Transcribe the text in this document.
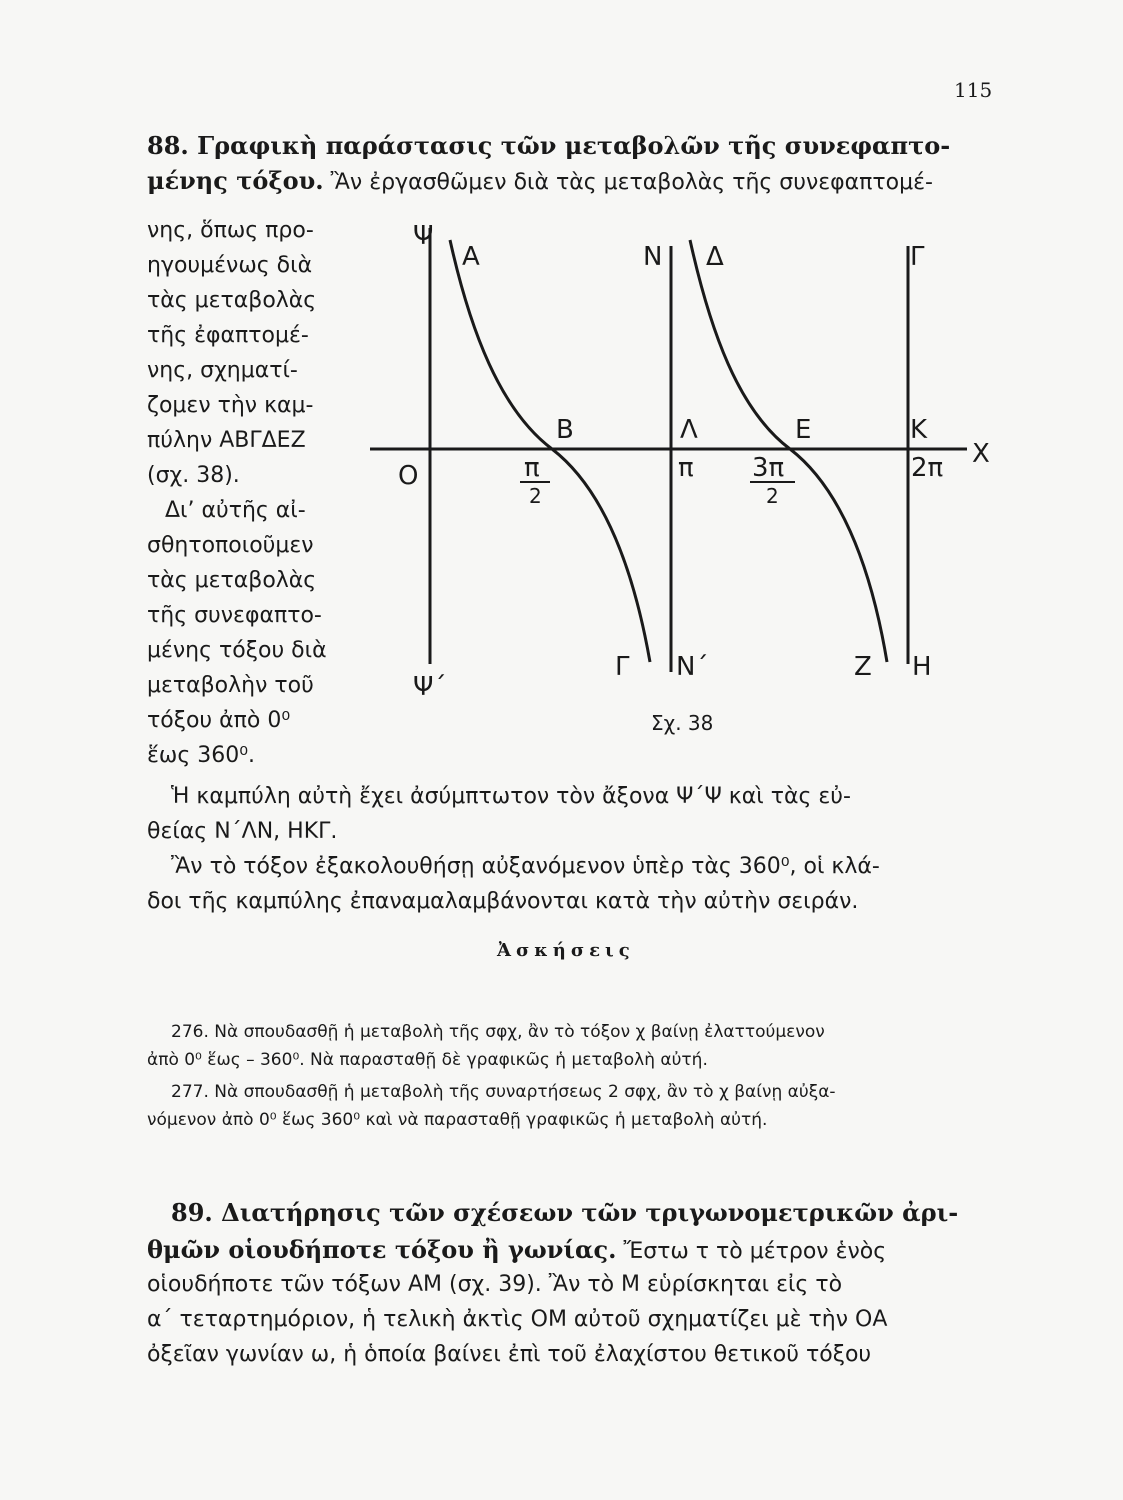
115
88. Γραφικὴ παράστασις τῶν μεταβολῶν τῆς συνεφαπτο-
μένης τόξου. Ἂν ἐργασθῶμεν διὰ τὰς μεταβολὰς τῆς συνεφαπτομέ-
νης, ὅπως προ-
ηγουμένως διὰ
τὰς μεταβολὰς
τῆς ἐφαπτομέ-
νης, σχηματί-
ζομεν τὴν καμ-
πύλην ΑΒΓΔΕΖ
(σχ. 38).
Δι’ αὐτῆς αἰ-
σθητοποιοῦμεν
τὰς μεταβολὰς
τῆς συνεφαπτο-
μένης τόξου διὰ
μεταβολὴν τοῦ
τόξου ἀπὸ 0⁰
ἕως 360⁰.
Ψ
Α	Ν Δ	Γ
Β	Λ	Ε	Κ
Χ
Ο	π
2
π 3π
2
2π
Ψ΄
Γ Ν΄	Ζ Η
Σχ. 38
Ἡ καμπύλη αὐτὴ ἔχει ἀσύμπτωτον τὸν ἄξονα Ψ΄Ψ καὶ τὰς εὐ-
θείας Ν΄ΛΝ, ΗΚΓ.
Ἂν τὸ τόξον ἐξακολουθήσῃ αὐξανόμενον ὑπὲρ τὰς 360⁰, οἱ κλά-
δοι τῆς καμπύλης ἐπαναμαλαμβάνονται κατὰ τὴν αὐτὴν σειράν.
Ἀσκήσεις
276. Νὰ σπουδασθῇ ἡ μεταβολὴ τῆς σφχ, ἂν τὸ τόξον χ βαίνῃ ἐλαττούμενον
ἀπὸ 0⁰ ἕως – 360⁰. Νὰ παρασταθῇ δὲ γραφικῶς ἡ μεταβολὴ αὐτή.
277. Νὰ σπουδασθῇ ἡ μεταβολὴ τῆς συναρτήσεως 2 σφχ, ἂν τὸ χ βαίνῃ αὐξα-
νόμενον ἀπὸ 0⁰ ἕως 360⁰ καὶ νὰ παρασταθῇ γραφικῶς ἡ μεταβολὴ αὐτή.
89. Διατήρησις τῶν σχέσεων τῶν τριγωνομετρικῶν ἀρι-
θμῶν οἱουδήποτε τόξου ἢ γωνίας. Ἔστω τ τὸ μέτρον ἑνὸς
οἱουδήποτε τῶν τόξων ΑΜ (σχ. 39). Ἂν τὸ Μ εὑρίσκηται εἰς τὸ
α΄ τεταρτημόριον, ἡ τελικὴ ἀκτὶς ΟΜ αὐτοῦ σχηματίζει μὲ τὴν ΟΑ
ὀξεῖαν γωνίαν ω, ἡ ὁποία βαίνει ἐπὶ τοῦ ἐλαχίστου θετικοῦ τόξου
